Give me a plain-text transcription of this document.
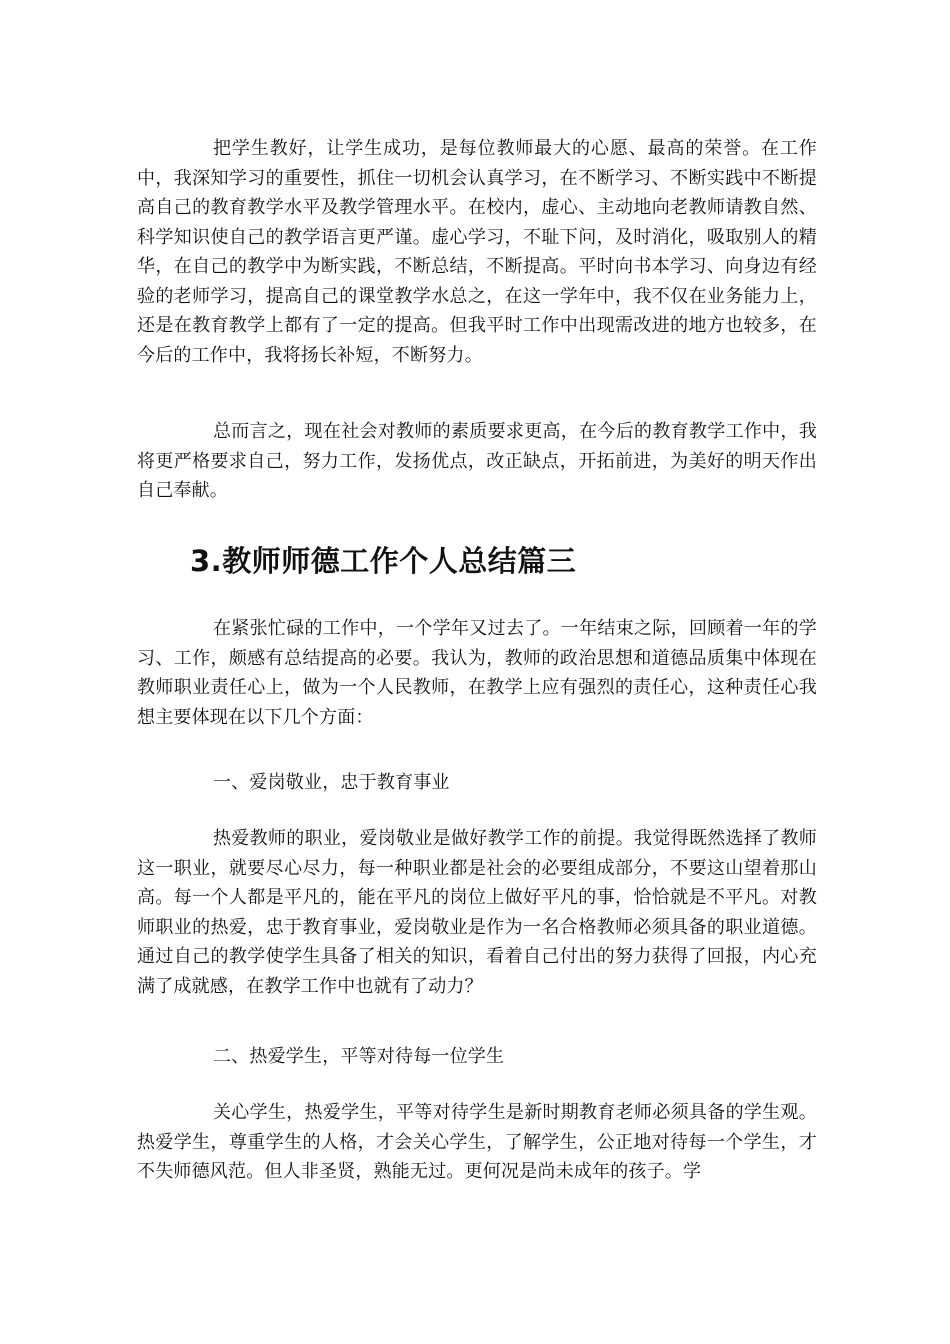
把学生教好，让学生成功，是每位教师最大的心愿、最高的荣誉。在工作中，我深知学习的重要性，抓住一切机会认真学习，在不断学习、不断实践中不断提高自己的教育教学水平及教学管理水平。在校内，虚心、主动地向老教师请教自然、科学知识使自己的教学语言更严谨。虚心学习，不耻下问，及时消化，吸取别人的精华，在自己的教学中为断实践，不断总结，不断提高。平时向书本学习、向身边有经验的老师学习，提高自己的课堂教学水总之，在这一学年中，我不仅在业务能力上，还是在教育教学上都有了一定的提高。但我平时工作中出现需改进的地方也较多，在今后的工作中，我将扬长补短，不断努力。

总而言之，现在社会对教师的素质要求更高，在今后的教育教学工作中，我将更严格要求自己，努力工作，发扬优点，改正缺点，开拓前进，为美好的明天作出自己奉献。

3.教师师德工作个人总结篇三

在紧张忙碌的工作中，一个学年又过去了。一年结束之际，回顾着一年的学习、工作，颇感有总结提高的必要。我认为，教师的政治思想和道德品质集中体现在教师职业责任心上，做为一个人民教师，在教学上应有强烈的责任心，这种责任心我想主要体现在以下几个方面：

一、爱岗敬业，忠于教育事业

热爱教师的职业，爱岗敬业是做好教学工作的前提。我觉得既然选择了教师这一职业，就要尽心尽力，每一种职业都是社会的必要组成部分，不要这山望着那山高。每一个人都是平凡的，能在平凡的岗位上做好平凡的事，恰恰就是不平凡。对教师职业的热爱，忠于教育事业，爱岗敬业是作为一名合格教师必须具备的职业道德。通过自己的教学使学生具备了相关的知识，看着自己付出的努力获得了回报，内心充满了成就感，在教学工作中也就有了动力？

二、热爱学生，平等对待每一位学生

关心学生，热爱学生，平等对待学生是新时期教育老师必须具备的学生观。热爱学生，尊重学生的人格，才会关心学生，了解学生，公正地对待每一个学生，才不失师德风范。但人非圣贤，熟能无过。更何况是尚未成年的孩子。学
